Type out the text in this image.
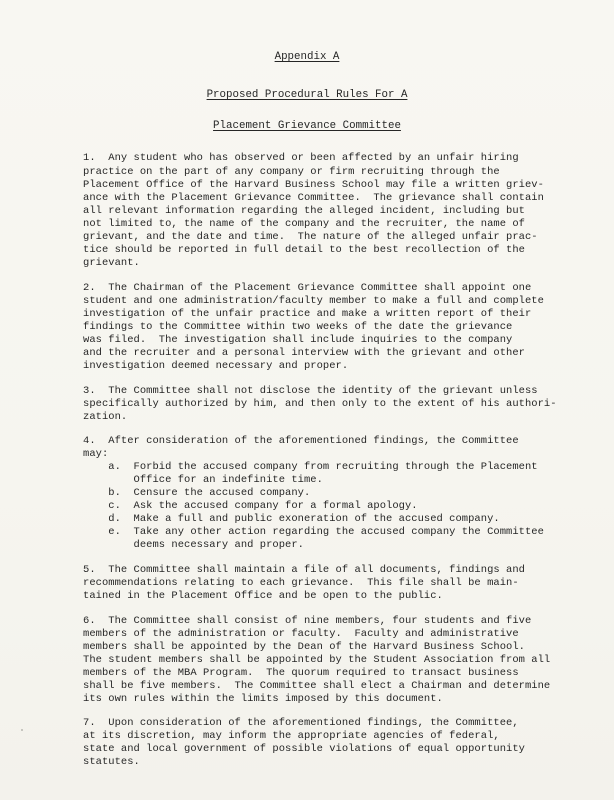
Appendix A
Proposed Procedural Rules For A
Placement Grievance Committee
1.  Any student who has observed or been affected by an unfair hiring
practice on the part of any company or firm recruiting through the
Placement Office of the Harvard Business School may file a written griev-
ance with the Placement Grievance Committee.  The grievance shall contain
all relevant information regarding the alleged incident, including but
not limited to, the name of the company and the recruiter, the name of
grievant, and the date and time.  The nature of the alleged unfair prac-
tice should be reported in full detail to the best recollection of the
grievant.
2.  The Chairman of the Placement Grievance Committee shall appoint one
student and one administration/faculty member to make a full and complete
investigation of the unfair practice and make a written report of their
findings to the Committee within two weeks of the date the grievance
was filed.  The investigation shall include inquiries to the company
and the recruiter and a personal interview with the grievant and other
investigation deemed necessary and proper.
3.  The Committee shall not disclose the identity of the grievant unless
specifically authorized by him, and then only to the extent of his authori-
zation.
4.  After consideration of the aforementioned findings, the Committee
may:
a.  Forbid the accused company from recruiting through the Placement
Office for an indefinite time.
b.  Censure the accused company.
c.  Ask the accused company for a formal apology.
d.  Make a full and public exoneration of the accused company.
e.  Take any other action regarding the accused company the Committee
deems necessary and proper.
5.  The Committee shall maintain a file of all documents, findings and
recommendations relating to each grievance.  This file shall be main-
tained in the Placement Office and be open to the public.
6.  The Committee shall consist of nine members, four students and five
members of the administration or faculty.  Faculty and administrative
members shall be appointed by the Dean of the Harvard Business School.
The student members shall be appointed by the Student Association from all
members of the MBA Program.  The quorum required to transact business
shall be five members.  The Committee shall elect a Chairman and determine
its own rules within the limits imposed by this document.
7.  Upon consideration of the aforementioned findings, the Committee,
at its discretion, may inform the appropriate agencies of federal,
state and local government of possible violations of equal opportunity
statutes.
